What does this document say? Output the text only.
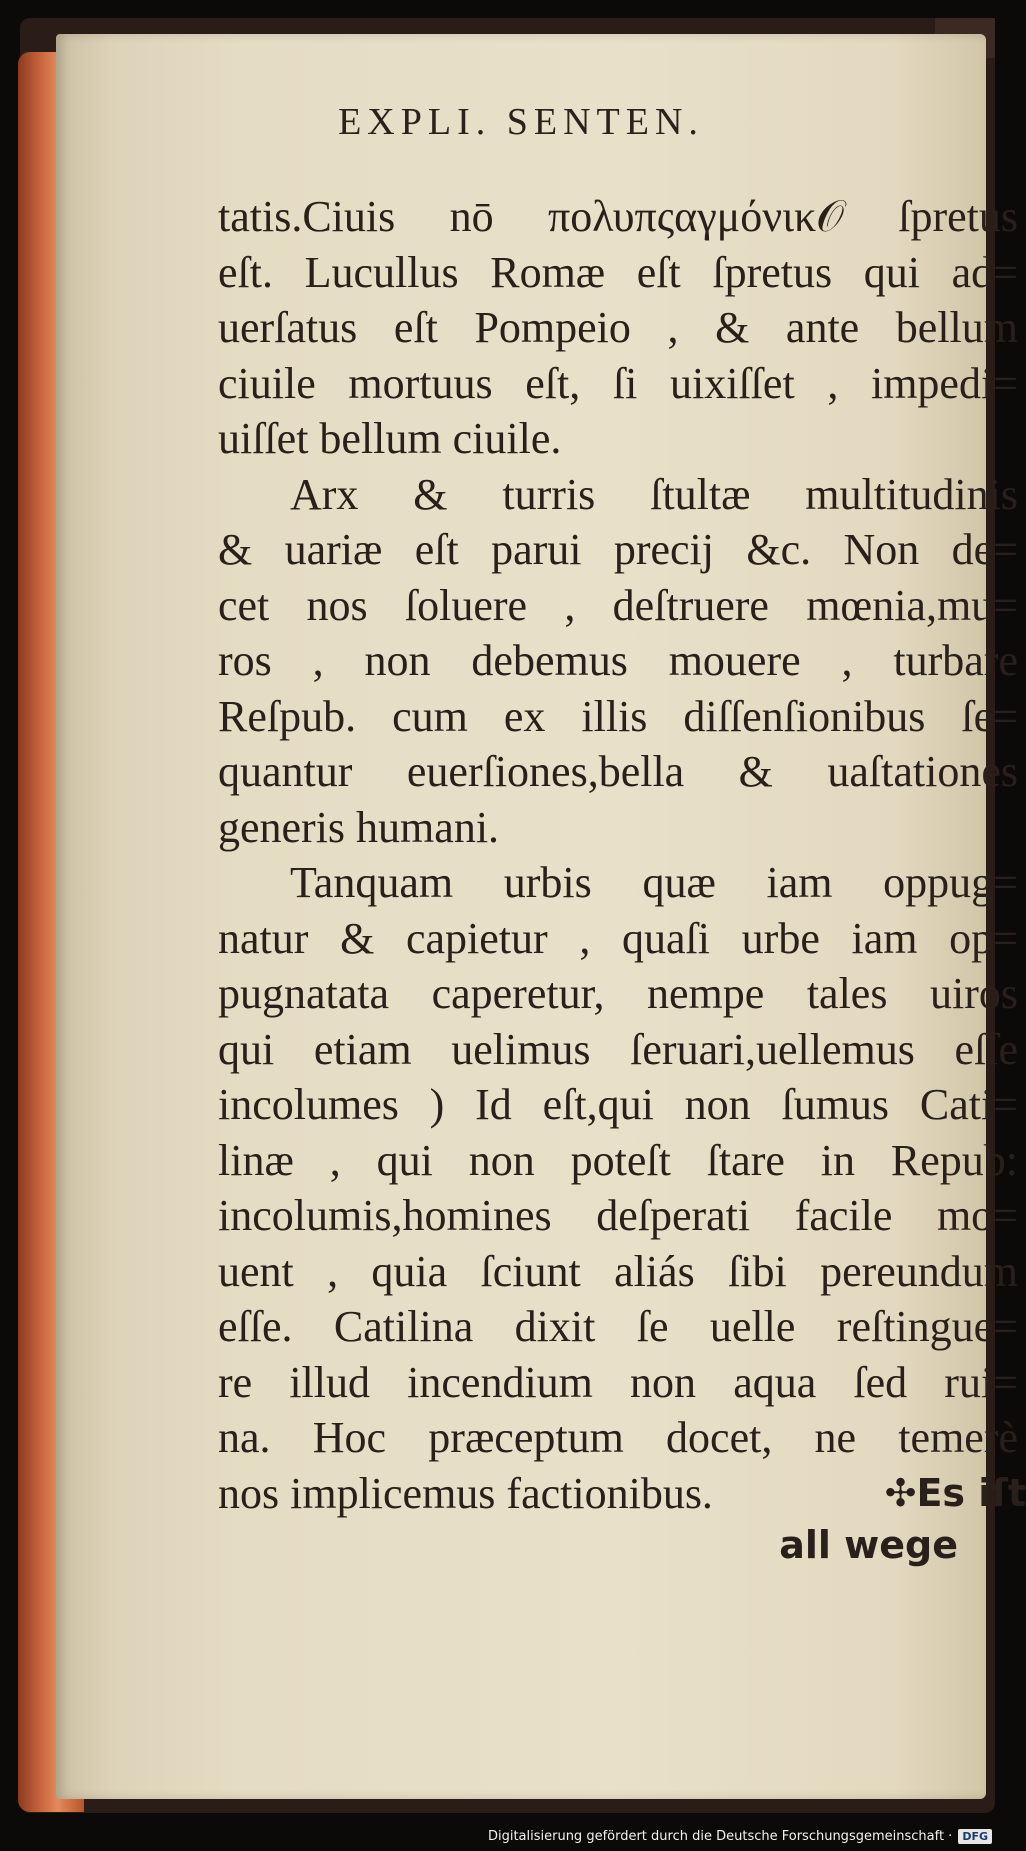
EXPLI. SENTEN.
tatis.Ciuis nō πολυπςαγμόνικ𝒪 ſpretus
eſt. Lucullus Romæ eſt ſpretus qui ad=
uerſatus eſt Pompeio , & ante bellum
ciuile mortuus eſt, ſi uixiſſet , impedi=
uiſſet bellum ciuile.
Arx & turris ſtultæ multitudinis
& uariæ eſt parui precij &c. Non de=
cet nos ſoluere , deſtruere mœnia,mu=
ros , non debemus mouere , turbare
Reſpub. cum ex illis diſſenſionibus ſe=
quantur euerſiones,bella & uaſtationes
generis humani.
Tanquam urbis quæ iam oppug=
natur & capietur , quaſi urbe iam op=
pugnatata caperetur, nempe tales uiros
qui etiam uelimus ſeruari,uellemus eſſe
incolumes ) Id eſt,qui non ſumus Cati=
linæ , qui non poteſt ſtare in Repub:
incolumis,homines deſperati facile mo=
uent , quia ſciunt aliás ſibi pereundum
eſſe. Catilina dixit ſe uelle reſtingue=
re illud incendium non aqua ſed rui=
na. Hoc præceptum docet, ne temerè
nos implicemus factionibus.	✣Es iſt
all wege
Digitalisierung gefördert durch die Deutsche Forschungsgemeinschaft · DFG
